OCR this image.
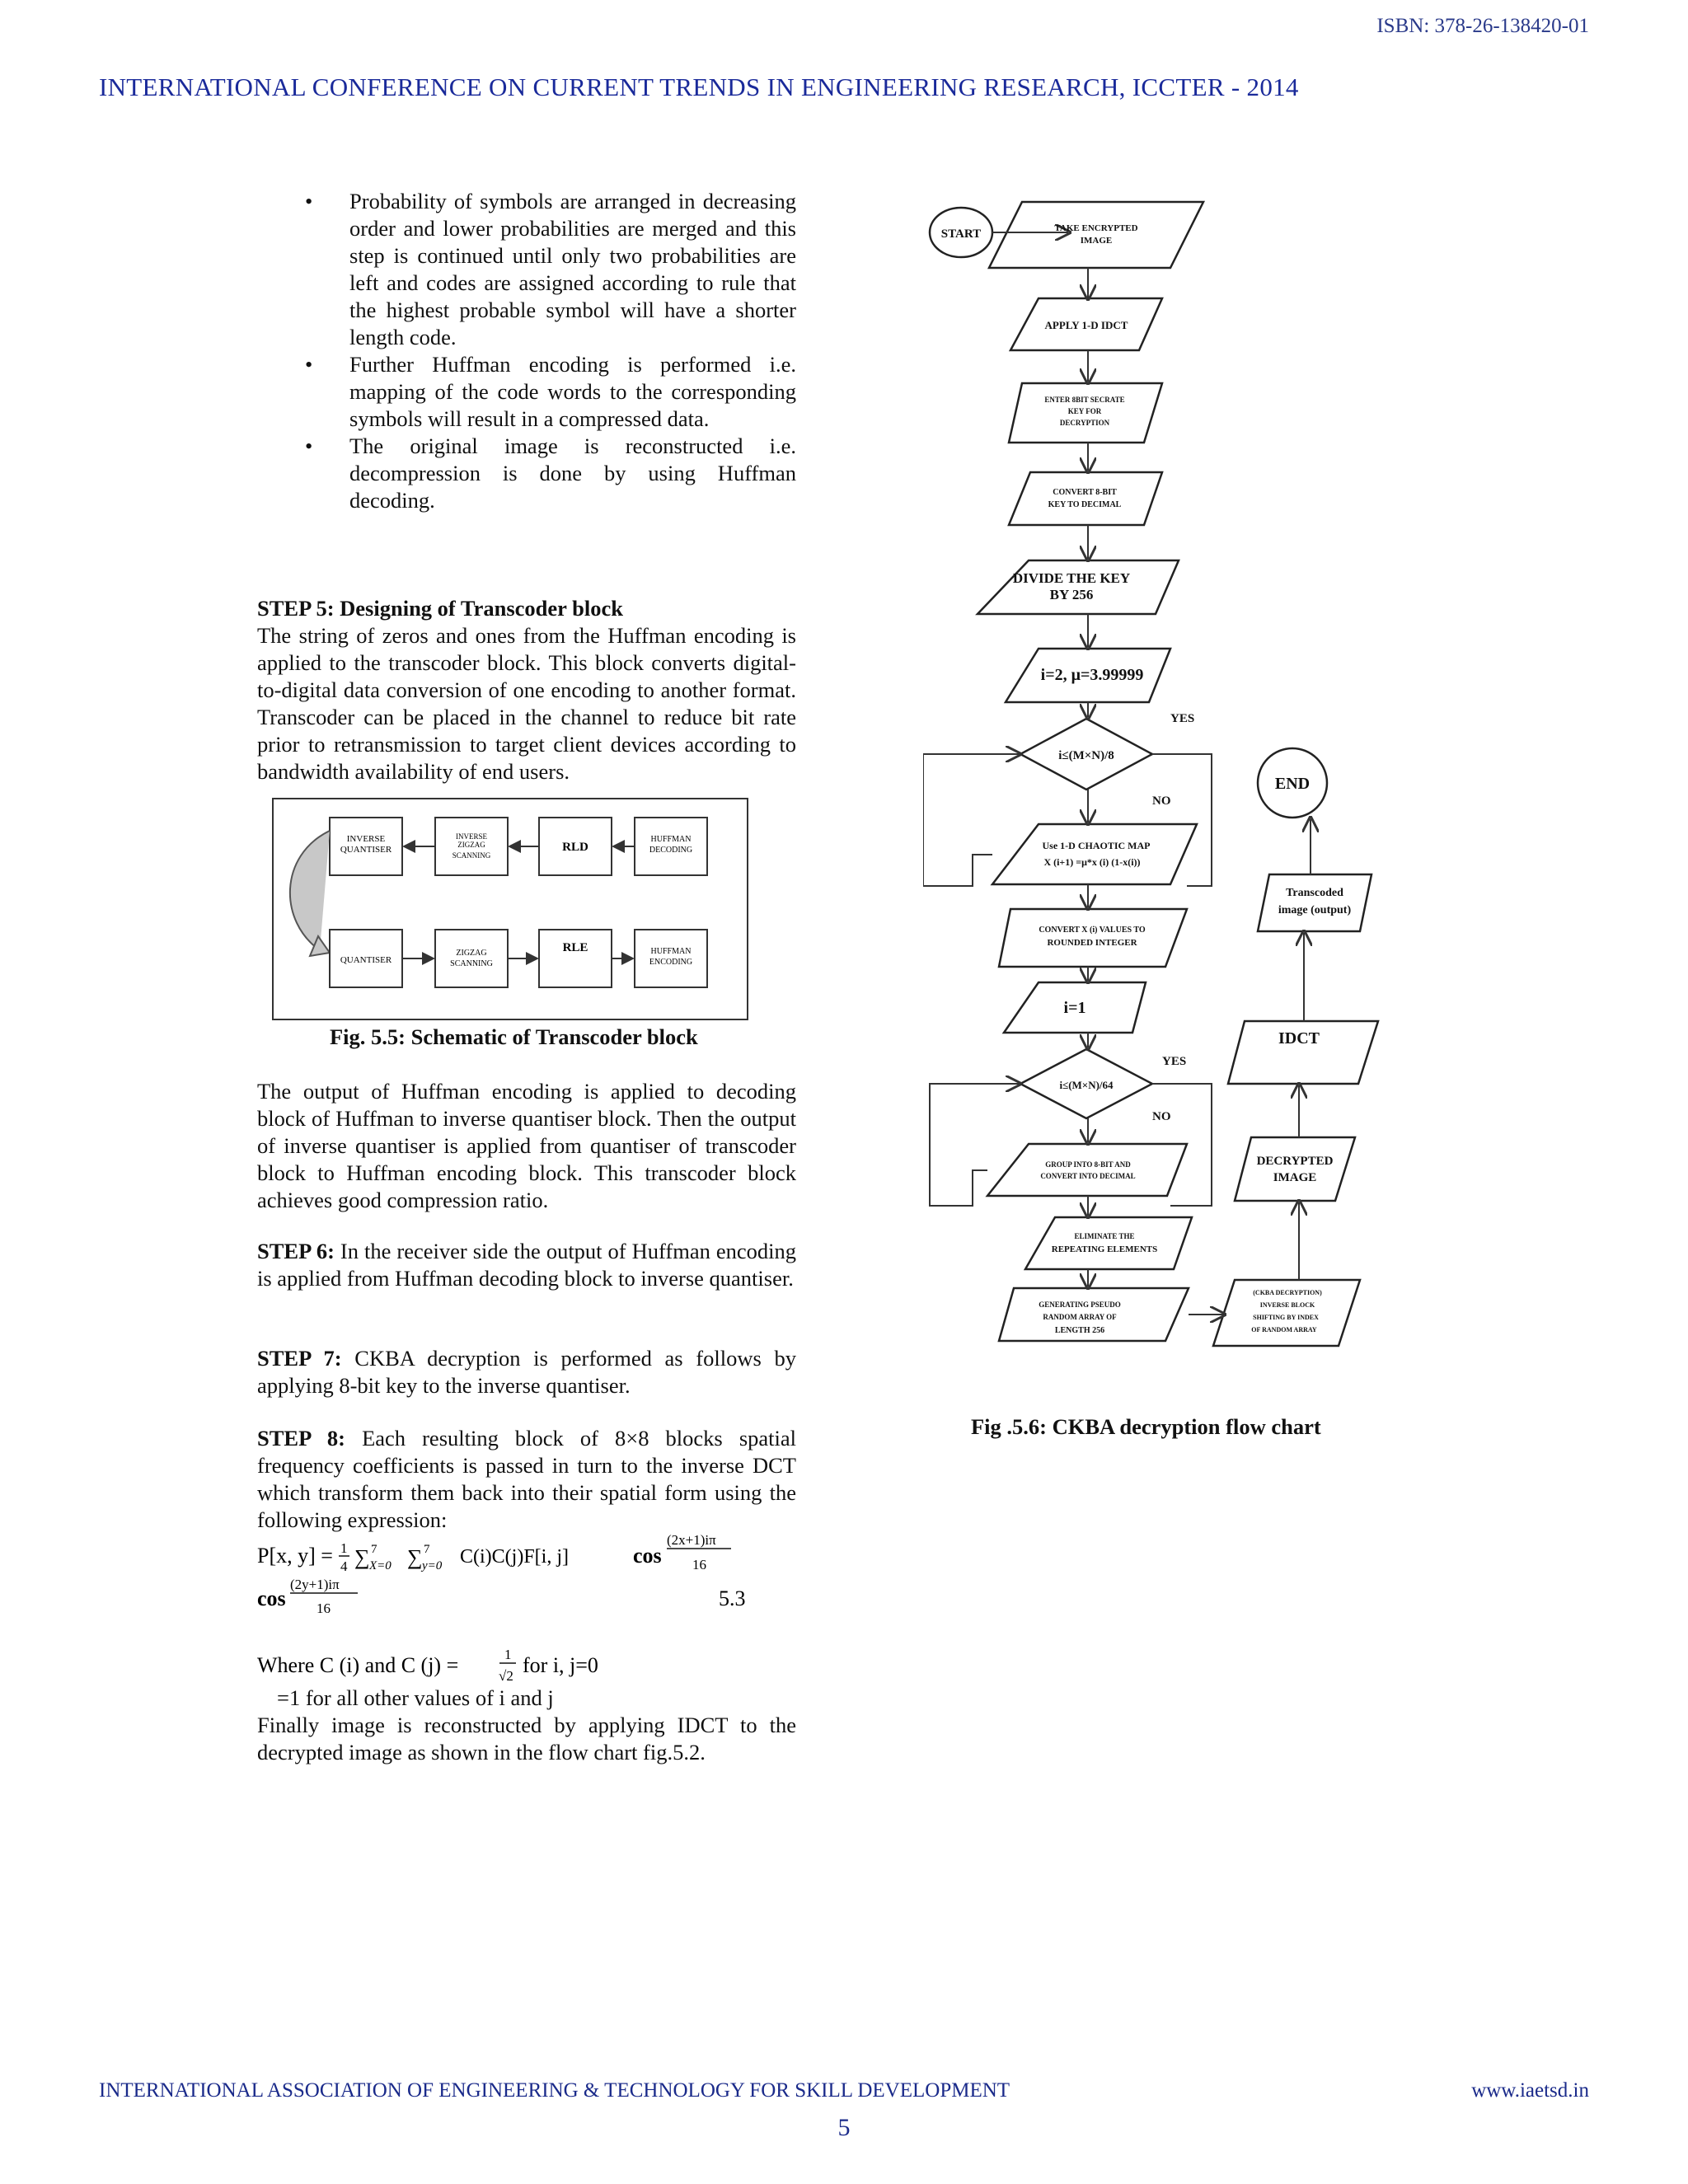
ISBN: 378-26-138420-01
INTERNATIONAL CONFERENCE ON CURRENT TRENDS IN ENGINEERING RESEARCH, ICCTER - 2014
• Probability of symbols are arranged in decreasing order and lower probabilities are merged and this step is continued until only two probabilities are left and codes are assigned according to rule that the highest probable symbol will have a shorter length code.
• Further Huffman encoding is performed i.e. mapping of the code words to the corresponding symbols will result in a compressed data.
• The original image is reconstructed i.e. decompression is done by using Huffman decoding.
STEP 5: Designing of Transcoder block

The string of zeros and ones from the Huffman encoding is applied to the transcoder block. This block converts digital-to-digital data conversion of one encoding to another format. Transcoder can be placed in the channel to reduce bit rate prior to retransmission to target client devices according to bandwidth availability of end users.

INVERSE
QUANTISER
INVERSE
ZIGZAG
SCANNING
RLD
HUFFMAN
DECODING
QUANTISER
ZIGZAG
SCANNING
RLE	HUFFMAN
ENCODING
Fig. 5.5: Schematic of Transcoder block
The output of Huffman encoding is applied to decoding block of Huffman to inverse quantiser block. Then the output of inverse quantiser is applied from quantiser of transcoder block to Huffman encoding block. This transcoder block achieves good compression ratio.
STEP 6: In the receiver side the output of Huffman encoding is applied from Huffman decoding block to inverse quantiser.
STEP 7: CKBA decryption is performed as follows by applying 8-bit key to the inverse quantiser.
STEP 8: Each resulting block of 8×8 blocks spatial frequency coefficients is passed in turn to the inverse DCT which transform them back into their spatial form using the following expression:
P[x, y] = 1
4 ∑ 7
X=0 ∑ 7
y=0 C(i)C(j)F[i, j]	cos
(2x+1)iπ
16
cos
(2y+1)iπ
16	5.3
Where C (i) and C (j) =	1
√2 for i, j=0
=1 for all other values of i and j
Finally image is reconstructed by applying IDCT to the decrypted image as shown in the flow chart fig.5.2.
START	TAKE ENCRYPTED
IMAGE
APPLY 1-D IDCT
ENTER 8BIT SECRATE
KEY FOR
DECRYPTION
CONVERT 8-BIT
KEY TO DECIMAL
DIVIDE THE KEY
BY 256
i=2, μ=3.99999
i≤(M×N)/8
YES
NO
Use 1-D CHAOTIC MAP
X (i+1) =μ*x (i) (1-x(i))
CONVERT X (i) VALUES TO
ROUNDED INTEGER
i=1
i≤(M×N)/64
YES
NO
GROUP INTO 8-BIT AND
CONVERT INTO DECIMAL
ELIMINATE THE
REPEATING ELEMENTS
GENERATING PSEUDO
RANDOM ARRAY OF
LENGTH 256
(CKBA DECRYPTION)
INVERSE BLOCK
SHIFTING BY INDEX
OF RANDOM ARRAY
DECRYPTED
IMAGE
IDCT
Transcoded
image (output)
END
Fig .5.6: CKBA decryption flow chart
INTERNATIONAL ASSOCIATION OF ENGINEERING & TECHNOLOGY FOR SKILL DEVELOPMENT	www.iaetsd.in
5
